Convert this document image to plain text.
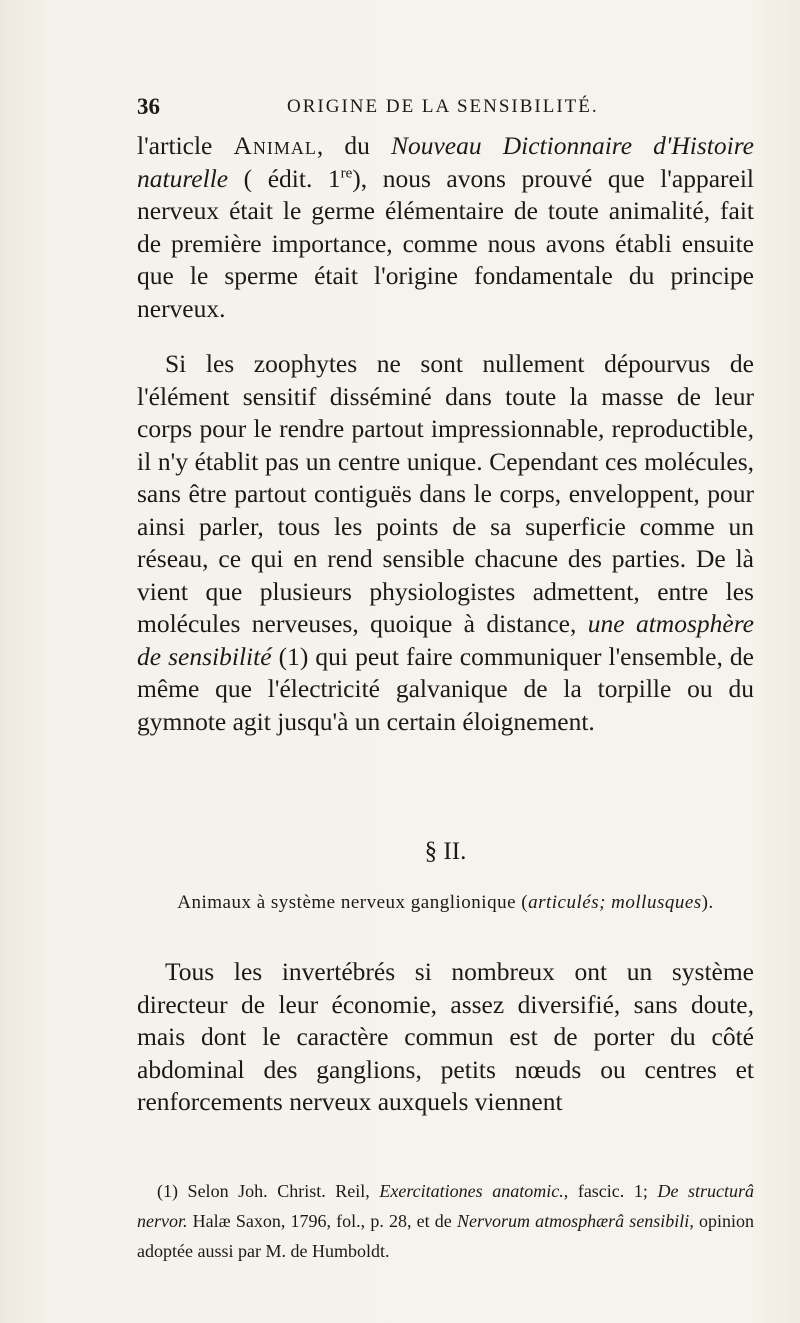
36	ORIGINE DE LA SENSIBILITÉ.

l'article Animal, du Nouveau Dictionnaire d'Histoire naturelle ( édit. 1re), nous avons prouvé que l'appareil nerveux était le germe élémentaire de toute animalité, fait de première importance, comme nous avons établi ensuite que le sperme était l'origine fondamentale du principe nerveux.

Si les zoophytes ne sont nullement dépourvus de l'élément sensitif disséminé dans toute la masse de leur corps pour le rendre partout impressionnable, reproductible, il n'y établit pas un centre unique. Cependant ces molécules, sans être partout contiguës dans le corps, enveloppent, pour ainsi parler, tous les points de sa superficie comme un réseau, ce qui en rend sensible chacune des parties. De là vient que plusieurs physiologistes admettent, entre les molécules nerveuses, quoique à distance, une atmosphère de sensibilité (1) qui peut faire communiquer l'ensemble, de même que l'électricité galvanique de la torpille ou du gymnote agit jusqu'à un certain éloignement.

§ II.
Animaux à système nerveux ganglionique (articulés; mollusques).

Tous les invertébrés si nombreux ont un système directeur de leur économie, assez diversifié, sans doute, mais dont le caractère commun est de porter du côté abdominal des ganglions, petits nœuds ou centres et renforcements nerveux auxquels viennent

(1) Selon Joh. Christ. Reil, Exercitationes anatomic., fascic. 1; De structurâ nervor. Halæ Saxon, 1796, fol., p. 28, et de Nervorum atmosphærâ sensibili, opinion adoptée aussi par M. de Humboldt.
